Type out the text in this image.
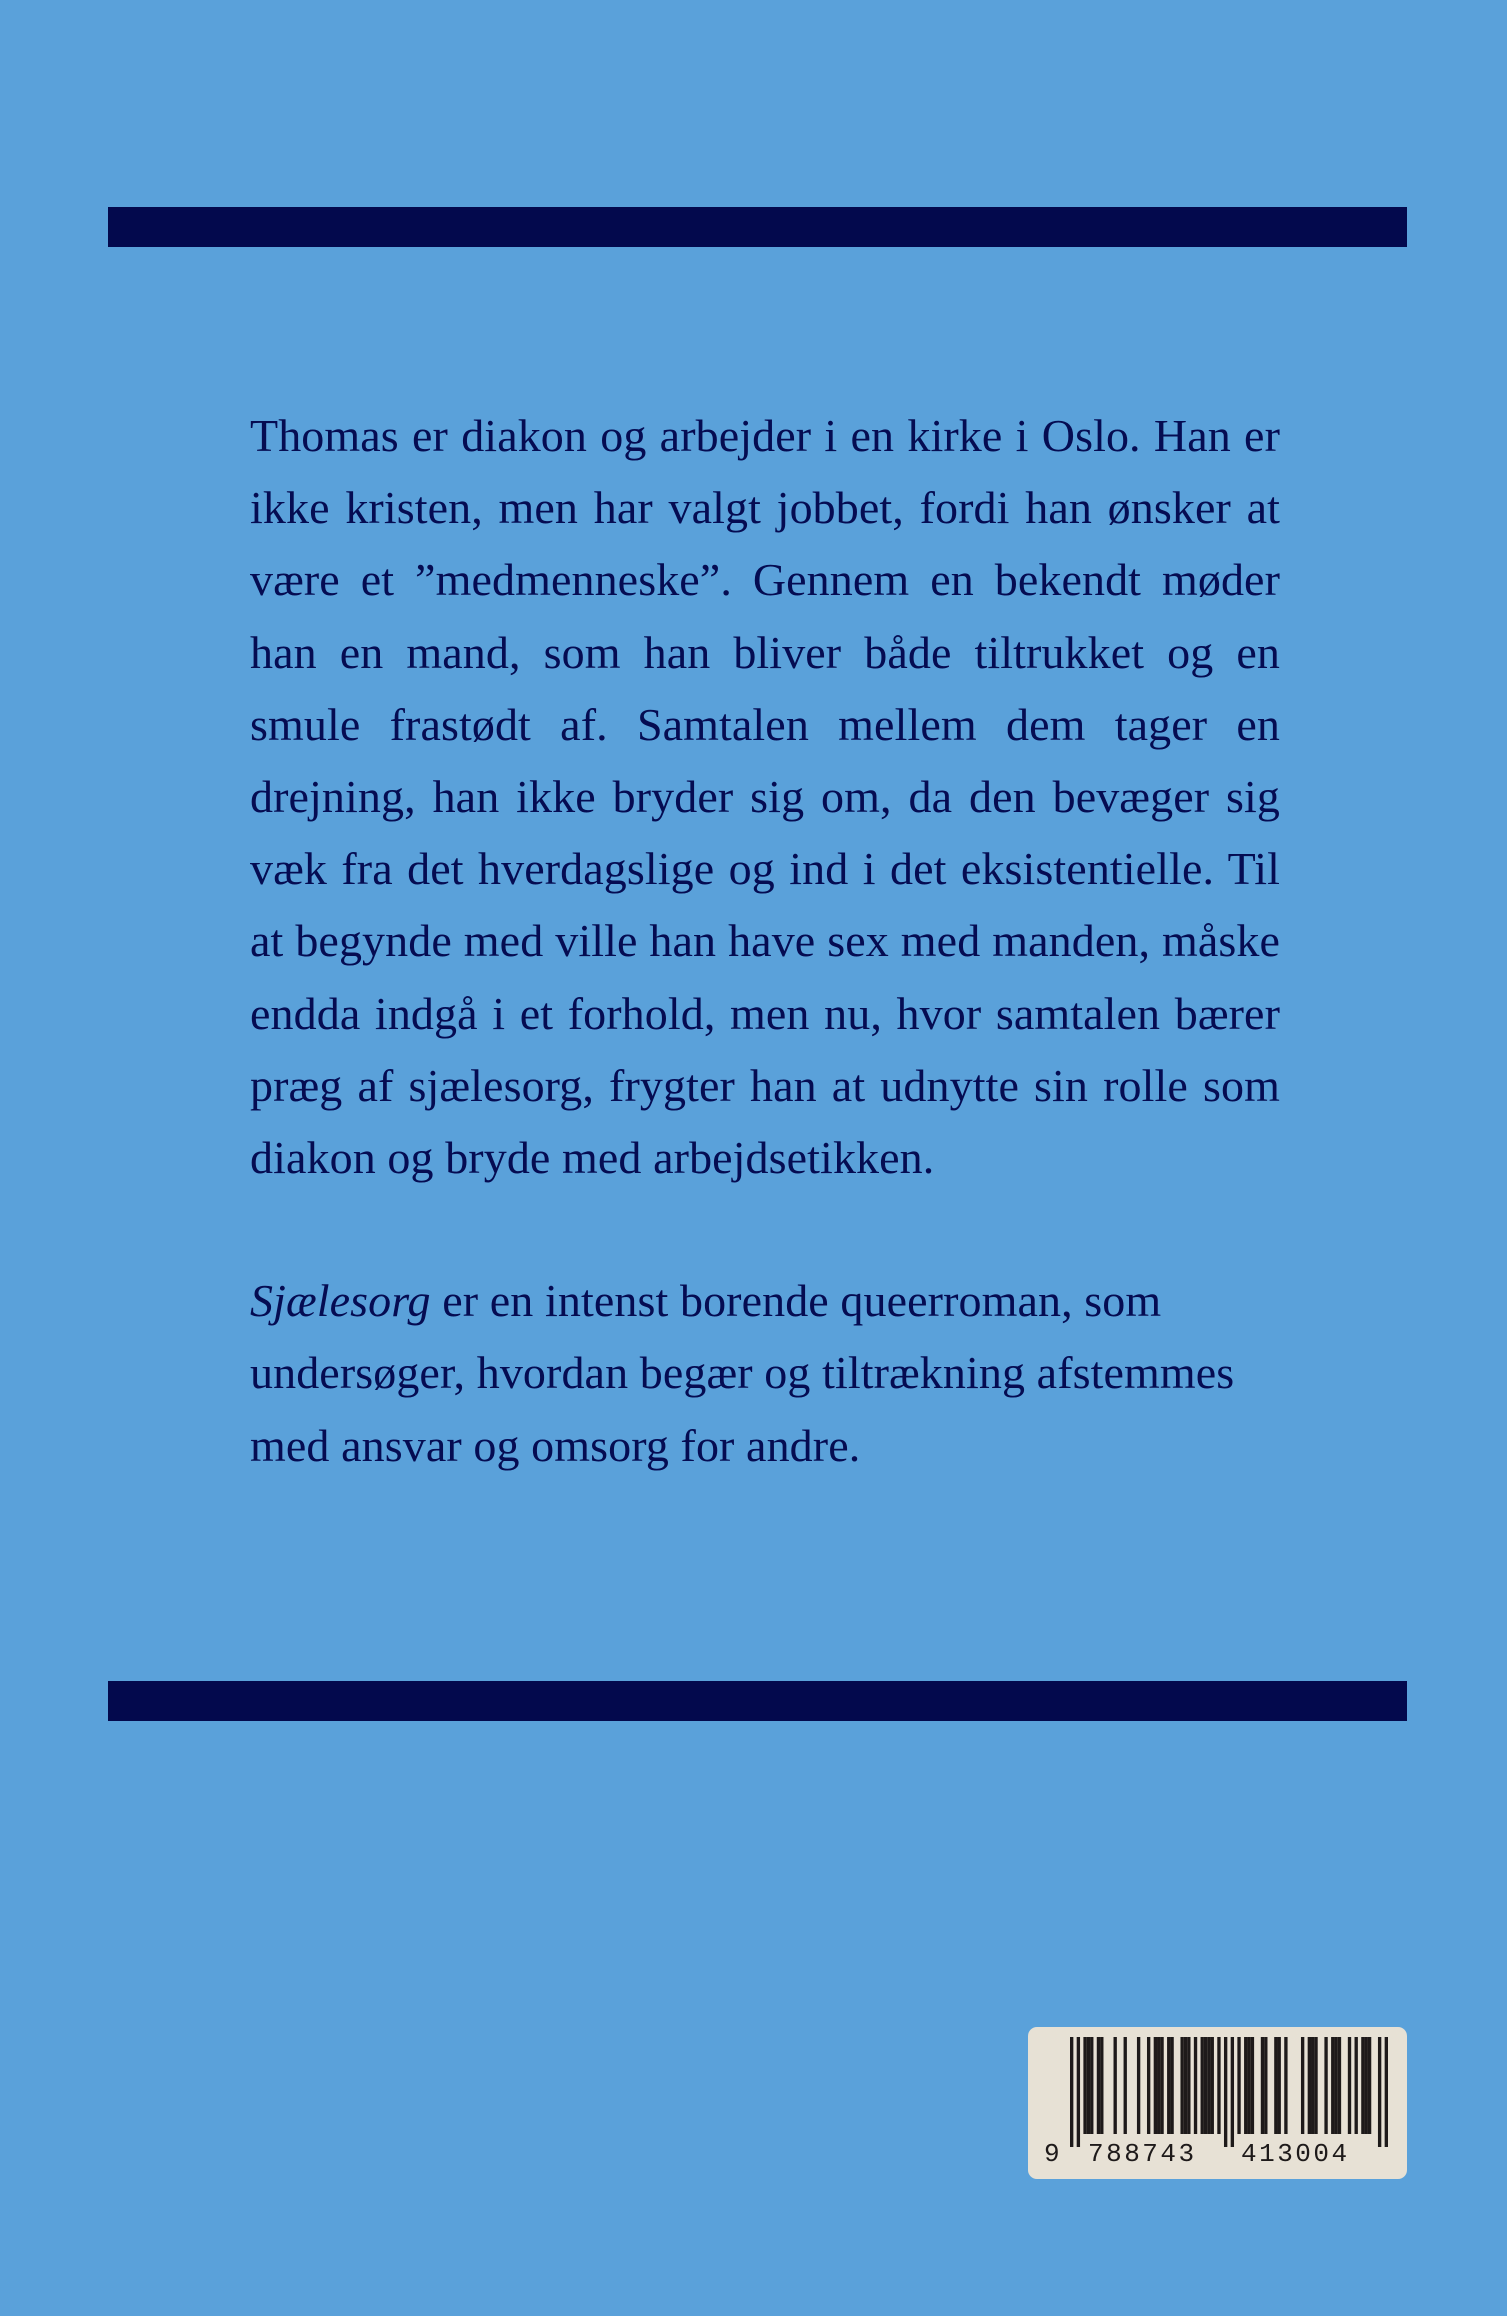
Thomas er diakon og arbejder i en kirke i Oslo. Han er ikke kristen, men har valgt jobbet, fordi han ønsker at være et ”medmenneske”. Gennem en bekendt møder han en mand, som han bliver både tiltrukket og en smule frastødt af. Samtalen mellem dem tager en drejning, han ikke bryder sig om, da den bevæger sig væk fra det hverdagslige og ind i det eksistentielle. Til at begynde med ville han have sex med manden, måske endda indgå i et forhold, men nu, hvor samtalen bærer præg af sjælesorg, frygter han at udnytte sin rolle som diakon og bryde med arbejdsetikken.

Sjælesorg er en intenst borende queerroman, som undersøger, hvordan begær og tiltrækning afstemmes med ansvar og omsorg for andre.

9

788743

413004
